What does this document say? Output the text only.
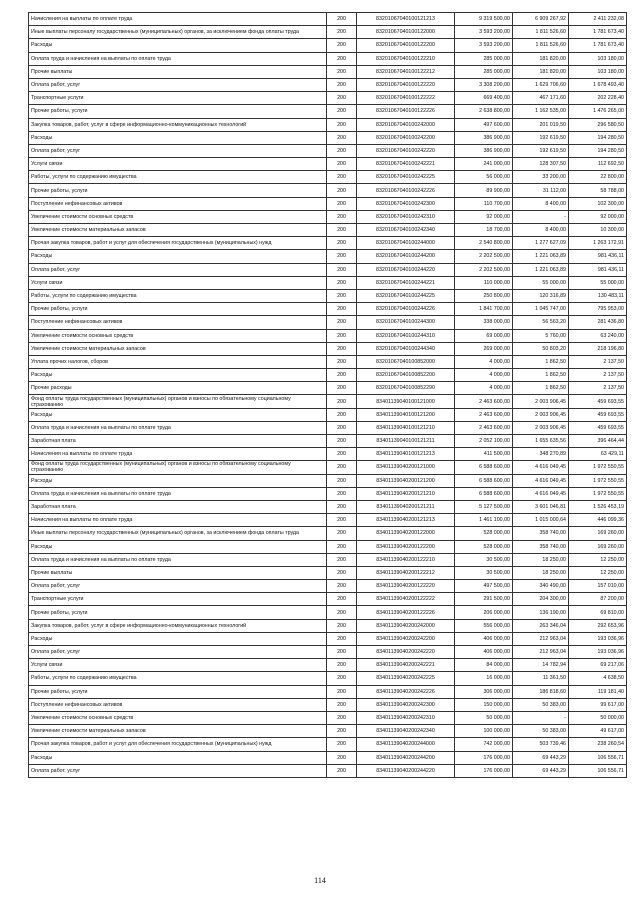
Начисления на выплаты по оплате труда	200	83201067040100121213	9 319 500,00	6 909 267,92	2 411 232,08
Иные выплаты персоналу государственных (муниципальных) органов, за исключением фонда оплаты труда	200	83201067040100122000	3 593 200,00	1 811 526,60	1 781 673,40
Расходы	200	83201067040100122200	3 593 200,00	1 811 526,60	1 781 673,40
Оплата труда и начисления на выплаты по оплате труда	200	83201067040100122210	285 000,00	181 820,00	103 180,00
Прочие выплаты	200	83201067040100122212	285 000,00	181 820,00	103 180,00
Оплата работ, услуг	200	83201067040100122220	3 308 200,00	1 629 706,60	1 678 493,40
Транспортные услуги	200	83201067040100122222	669 400,00	467 171,60	202 228,40
Прочие работы, услуги	200	83201067040100122226	2 638 800,00	1 162 535,00	1 476 265,00
Закупка товаров, работ, услуг в сфере информационно-коммуникационных технологий	200	83201067040100242000	497 600,00	201 019,50	296 580,50
Расходы	200	83201067040100242200	386 900,00	192 619,50	194 280,50
Оплата работ, услуг	200	83201067040100242220	386 900,00	192 619,50	194 280,50
Услуги связи	200	83201067040100242221	241 000,00	128 307,50	112 692,50
Работы, услуги по содержанию имущества	200	83201067040100242225	56 000,00	33 200,00	22 800,00
Прочие работы, услуги	200	83201067040100242226	89 900,00	31 112,00	58 788,00
Поступление нефинансовых активов	200	83201067040100242300	110 700,00	8 400,00	102 300,00
Увеличение стоимости основных средств	200	83201067040100242310	92 000,00	-	92 000,00
Увеличение стоимости материальных запасов	200	83201067040100242340	18 700,00	8 400,00	10 300,00
Прочая закупка товаров, работ и услуг для обеспечения государственных (муниципальных) нужд	200	83201067040100244000	2 540 800,00	1 277 627,09	1 263 172,91
Расходы	200	83201067040100244200	2 202 500,00	1 221 063,89	981 436,11
Оплата работ, услуг	200	83201067040100244220	2 202 500,00	1 221 063,89	981 436,11
Услуги связи	200	83201067040100244221	110 000,00	55 000,00	55 000,00
Работы, услуги по содержанию имущества	200	83201067040100244225	250 800,00	120 316,89	130 483,11
Прочие работы, услуги	200	83201067040100244226	1 841 700,00	1 045 747,00	795 953,00
Поступление нефинансовых активов	200	83201067040100244300	338 000,00	56 563,20	281 436,80
Увеличение стоимости основных средств	200	83201067040100244310	69 000,00	5 760,00	63 240,00
Увеличение стоимости материальных запасов	200	83201067040100244340	269 000,00	50 803,20	218 196,80
Уплата прочих налогов, сборов	200	83201067040100852000	4 000,00	1 862,50	2 137,50
Расходы	200	83201067040100852200	4 000,00	1 862,50	2 137,50
Прочие расходы	200	83201067040100852290	4 000,00	1 862,50	2 137,50
Фонд оплаты труда государственных (муниципальных) органов и взносы по обязательному социальному страхованию	200	83401139040100121000	2 463 600,00	2 003 906,45	459 693,55
Расходы	200	83401139040100121200	2 463 600,00	2 003 906,45	459 693,55
Оплата труда и начисления на выплаты по оплате труда	200	83401139040100121210	2 463 600,00	2 003 906,45	459 693,55
Заработная плата	200	83401139040100121211	2 052 100,00	1 655 635,56	396 464,44
Начисления на выплаты по оплате труда	200	83401139040100121213	411 500,00	348 270,89	63 429,11
Фонд оплаты труда государственных (муниципальных) органов и взносы по обязательному социальному страхованию	200	83401139040200121000	6 588 600,00	4 616 049,45	1 972 550,55
Расходы	200	83401139040200121200	6 588 600,00	4 616 049,45	1 972 550,55
Оплата труда и начисления на выплаты по оплате труда	200	83401139040200121210	6 588 600,00	4 616 049,45	1 972 550,55
Заработная плата	200	83401139040200121211	5 127 500,00	3 601 046,81	1 526 453,19
Начисления на выплаты по оплате труда	200	83401139040200121213	1 461 100,00	1 015 000,64	446 099,36
Иные выплаты персоналу государственных (муниципальных) органов, за исключением фонда оплаты труда	200	83401139040200122000	528 000,00	358 740,00	169 260,00
Расходы	200	83401139040200122200	528 000,00	358 740,00	169 260,00
Оплата труда и начисления на выплаты по оплате труда	200	83401139040200122210	30 500,00	18 250,00	12 250,00
Прочие выплаты	200	83401139040200122212	30 500,00	18 250,00	12 250,00
Оплата работ, услуг	200	83401139040200122220	497 500,00	340 490,00	157 010,00
Транспортные услуги	200	83401139040200122222	291 500,00	204 300,00	87 200,00
Прочие работы, услуги	200	83401139040200122226	206 000,00	136 190,00	69 810,00
Закупка товаров, работ, услуг в сфере информационно-коммуникационных технологий	200	83401139040200242000	556 000,00	263 346,04	292 653,96
Расходы	200	83401139040200242200	406 000,00	212 963,04	193 036,96
Оплата работ, услуг	200	83401139040200242220	406 000,00	212 963,04	193 036,96
Услуги связи	200	83401139040200242221	84 000,00	14 782,94	69 217,06
Работы, услуги по содержанию имущества	200	83401139040200242225	16 000,00	11 361,50	4 638,50
Прочие работы, услуги	200	83401139040200242226	306 000,00	186 818,60	119 181,40
Поступление нефинансовых активов	200	83401139040200242300	150 000,00	50 383,00	99 617,00
Увеличение стоимости основных средств	200	83401139040200242310	50 000,00	-	50 000,00
Увеличение стоимости материальных запасов	200	83401139040200242340	100 000,00	50 383,00	49 617,00
Прочая закупка товаров, работ и услуг для обеспечения государственных (муниципальных) нужд	200	83401139040200244000	742 000,00	503 739,46	238 260,54
Расходы	200	83401139040200244200	176 000,00	69 443,29	106 556,71
Оплата работ, услуг	200	83401139040200244220	176 000,00	69 443,29	106 556,71
114
